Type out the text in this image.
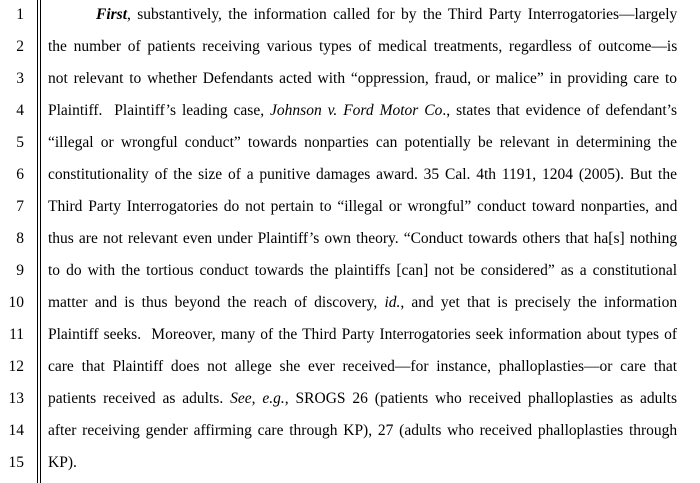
1	First, substantively, the information called for by the Third Party Interrogatories—largely
2 the number of patients receiving various types of medical treatments, regardless of outcome—is
3 not relevant to whether Defendants acted with “oppression, fraud, or malice” in providing care to
4 Plaintiff.  Plaintiff’s leading case, Johnson v. Ford Motor Co., states that evidence of defendant’s
5 “illegal or wrongful conduct” towards nonparties can potentially be relevant in determining the
6 constitutionality of the size of a punitive damages award. 35 Cal. 4th 1191, 1204 (2005). But the
7 Third Party Interrogatories do not pertain to “illegal or wrongful” conduct toward nonparties, and
8 thus are not relevant even under Plaintiff’s own theory. “Conduct towards others that ha[s] nothing
9 to do with the tortious conduct towards the plaintiffs [can] not be considered” as a constitutional
10 matter and is thus beyond the reach of discovery, id., and yet that is precisely the information
11 Plaintiff seeks.  Moreover, many of the Third Party Interrogatories seek information about types of
12 care that Plaintiff does not allege she ever received—for instance, phalloplasties—or care that
13 patients received as adults. See, e.g., SROGS 26 (patients who received phalloplasties as adults
14 after receiving gender affirming care through KP), 27 (adults who received phalloplasties through
15 KP).
